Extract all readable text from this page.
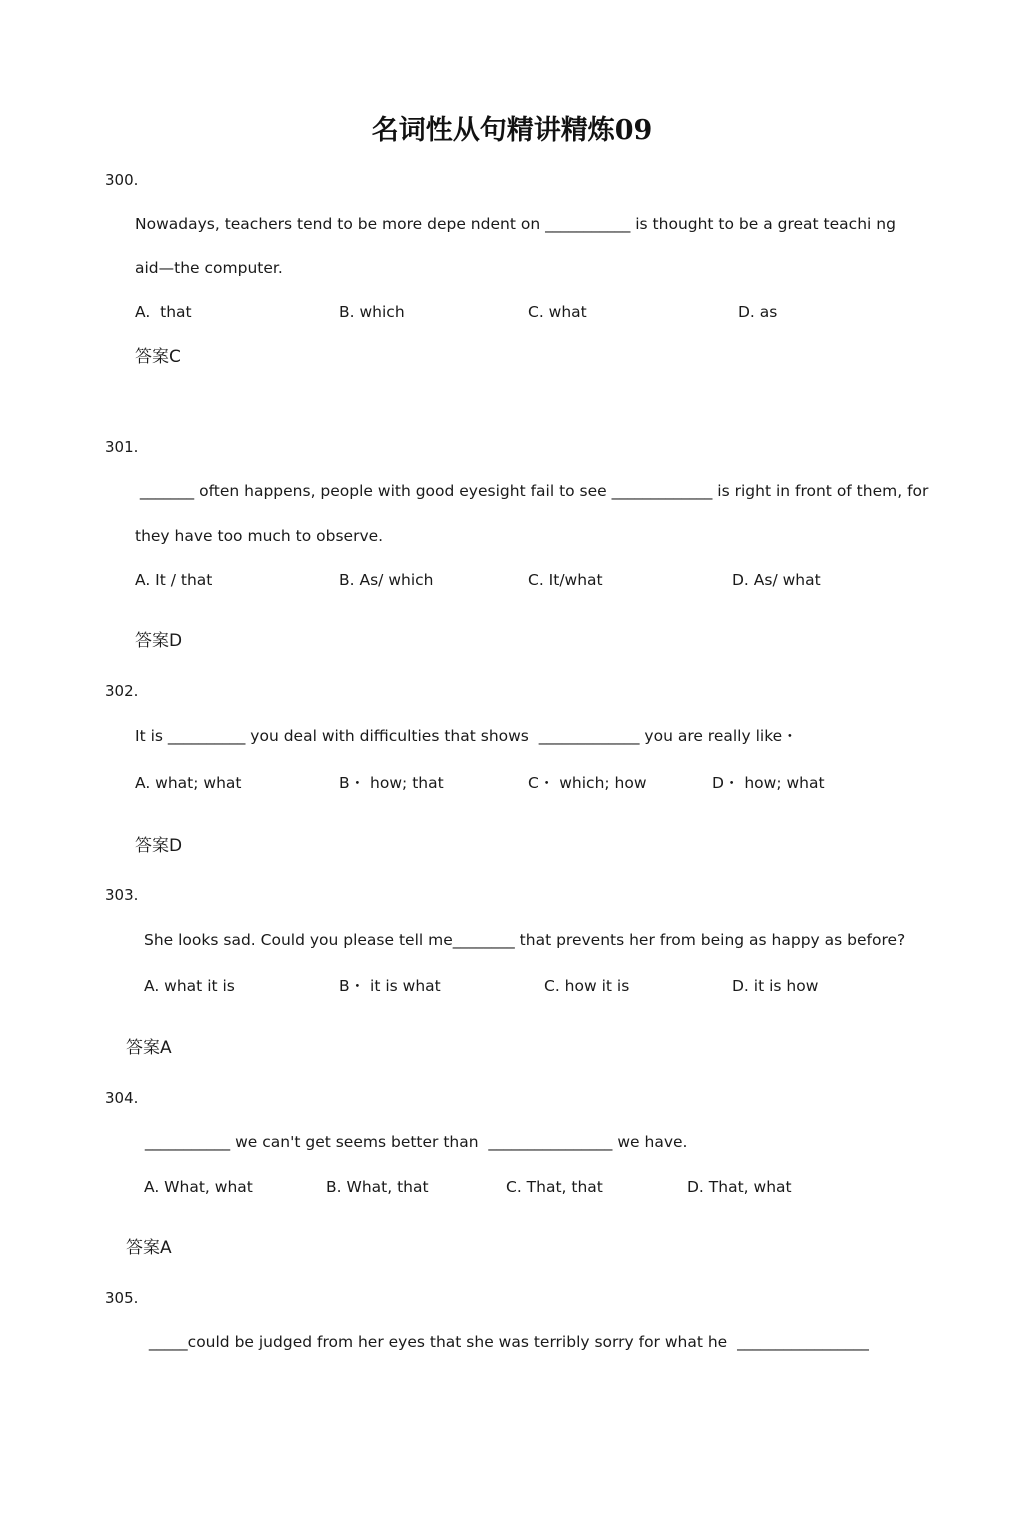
名词性从句精讲精炼09
300.
Nowadays, teachers tend to be more depe ndent on ___________ is thought to be a great teachi ng
aid—the computer.
A.  that	B. which	C. what	D. as
答案C
301.
_______ often happens, people with good eyesight fail to see _____________ is right in front of them, for
they have too much to observe.
A. It / that	B. As/ which	C. It/what	D. As/ what
答案D
302.
It is __________ you deal with difficulties that shows  _____________ you are really like・
A. what; what	B・ how; that	C・ which; how	D・ how; what
答案D
303.
She looks sad. Could you please tell me________ that prevents her from being as happy as before?
A. what it is	B・ it is what	C. how it is	D. it is how
答案A
304.
___________ we can't get seems better than  ________________ we have.
A. What, what	B. What, that	C. That, that	D. That, what
答案A
305.
_____could be judged from her eyes that she was terribly sorry for what he  _________________
